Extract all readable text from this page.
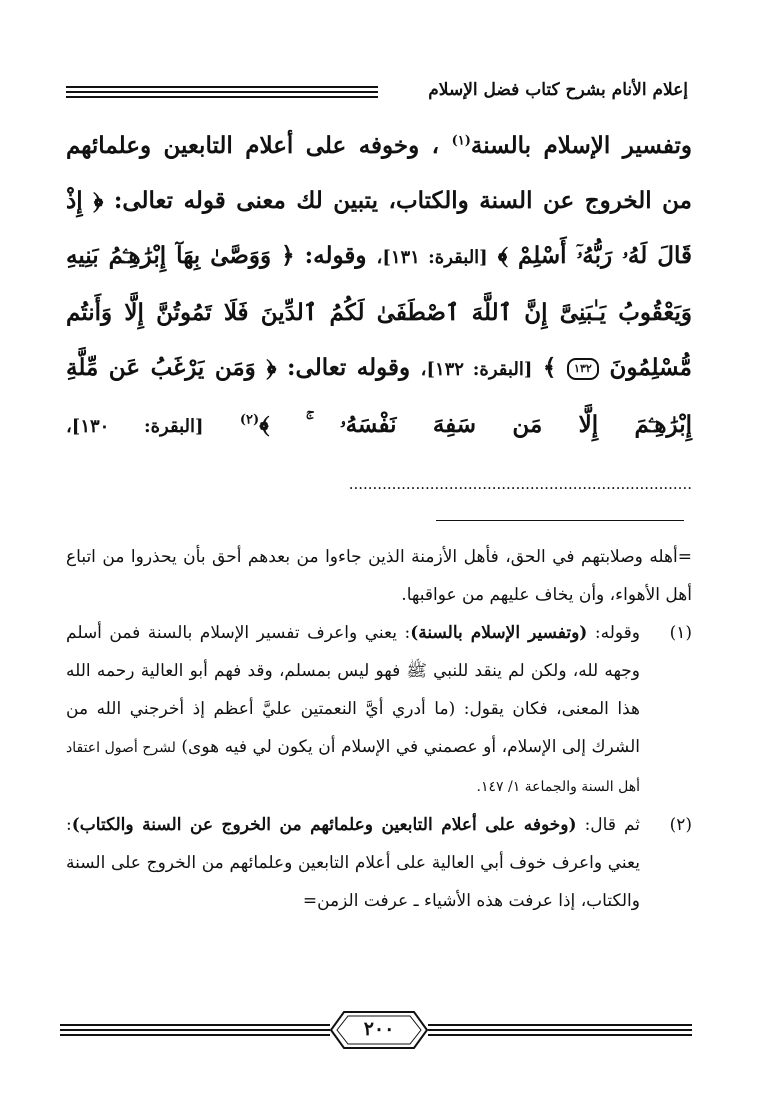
إعلام الأنام بشرح كتاب فضل الإسلام

وتفسير الإسلام بالسنة$^{(١)}$ ، وخوفه على أعلام التابعين وعلمائهم من الخروج عن السنة والكتاب، يتبين لك معنى قوله تعالى: ﴿ إِذْ قَالَ لَهُۥ رَبُّهُۥٓ أَسْلِمْ ﴾ [البقرة: ١٣١]، وقوله: ﴿ وَوَصَّىٰ بِهَآ إِبْرَٰهِـۧمُ بَنِيهِ وَيَعْقُوبُ يَـٰبَنِىَّ إِنَّ ٱللَّهَ ٱصْطَفَىٰ لَكُمُ ٱلدِّينَ فَلَا تَمُوتُنَّ إِلَّا وَأَنتُم مُّسْلِمُونَ ١٣٢ ﴾ [البقرة: ١٣٢]، وقوله تعالى: ﴿ وَمَن يَرْغَبُ عَن مِّلَّةِ إِبْرَٰهِـۧمَ إِلَّا مَن سَفِهَ نَفْسَهُۥ ۚ ﴾$^{(٢)}$ [البقرة: ١٣٠]، ........................................................................

=أهله وصلابتهم في الحق، فأهل الأزمنة الذين جاءوا من بعدهم أحق بأن يحذروا من اتباع أهل الأهواء، وأن يخاف عليهم من عواقبها.

(١)
وقوله: (وتفسير الإسلام بالسنة): يعني واعرف تفسير الإسلام بالسنة فمن أسلم وجهه لله، ولكن لم ينقد للنبي ﷺ فهو ليس بمسلم، وقد فهم أبو العالية رحمه الله هذا المعنى، فكان يقول: (ما أدري أيَّ النعمتين عليَّ أعظم إذ أخرجني الله من الشرك إلى الإسلام، أو عصمني في الإسلام أن يكون لي فيه هوى) لشرح أصول اعتقاد أهل السنة والجماعة ١/ ١٤٧.

(٢)
ثم قال: (وخوفه على أعلام التابعين وعلمائهم من الخروج عن السنة والكتاب): يعني واعرف خوف أبي العالية على أعلام التابعين وعلمائهم من الخروج على السنة والكتاب، إذا عرفت هذه الأشياء ـ عرفت الزمن=

٢٠٠
